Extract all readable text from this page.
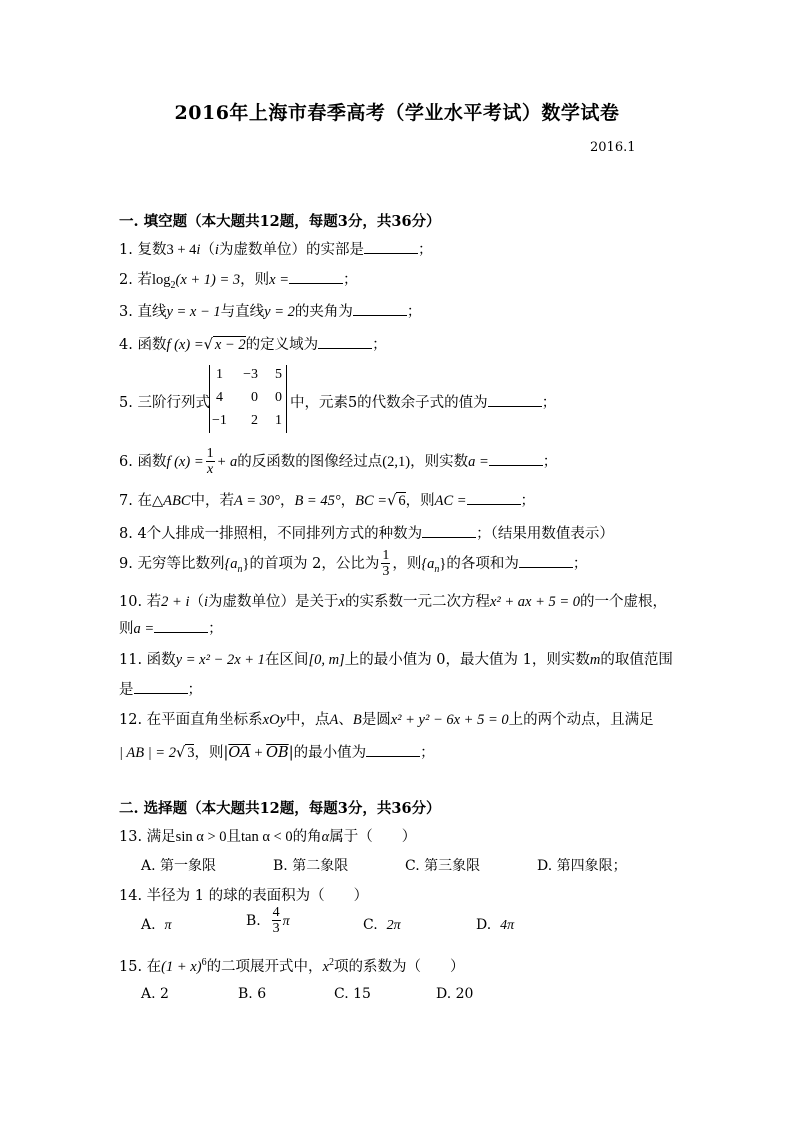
2016年上海市春季高考（学业水平考试）数学试卷
2016.1
一. 填空题（本大题共12题，每题3分，共36分）
1. 复数3 + 4i（i为虚数单位）的实部是	；
2. 若$\log_2(x + 1) = 3$，则x =	；
3. 直线y = x − 1与直线y = 2的夹角为	；
4. 函数f (x) =√ x − 2的定义域为	；
5. 三阶行列式	中，元素5的代数余子式的值为	；
1	−3	5
4	0	0
−1	2	1
6. 函数f $(x) = \frac{1}{x} + a$的反函数的图像经过点(2,1)，则实数a =	；
7. 在△ABC中，若A = 30°，B = 45°，BC =√ 6，则AC =	；
8. 4个人排成一排照相，不同排列方式的种数为	；（结果用数值表示）
9. 无穷等比数列$\{a_n\}$的首项为 2，公比为 $\frac{1}{3}$ ，则$\{a_n\}$的各项和为	；
10. 若2 + i（i为虚数单位）是关于x的实系数一元二次方程x² + ax + 5 = 0的一个虚根，
则a =	；
11. 函数y = x² − 2x + 1在区间[0, m]上的最小值为 0，最大值为 1，则实数m的取值范围
是	；
12. 在平面直角坐标系xOy中，点A、B是圆x² + y² − 6x + 5 = 0上的两个动点，且满足
| AB | = 2√ 3，则$|\overline{OA} + \overline{OB}|$的最小值为	；
二. 选择题（本大题共12题，每题3分，共36分）
13. 满足sin α > 0且tan α < 0的角α属于（　　）
A. 第一象限	B. 第二象限	C. 第三象限	D. 第四象限；
14. 半径为 1 的球的表面积为（　　）
A. π	B. $\frac{4}{3}$ π	C. 2π	D. 4π
15. 在$(1 + x)^6$的二项展开式中，$x^2$项的系数为（　　）
A. 2	B. 6	C. 15	D. 20
